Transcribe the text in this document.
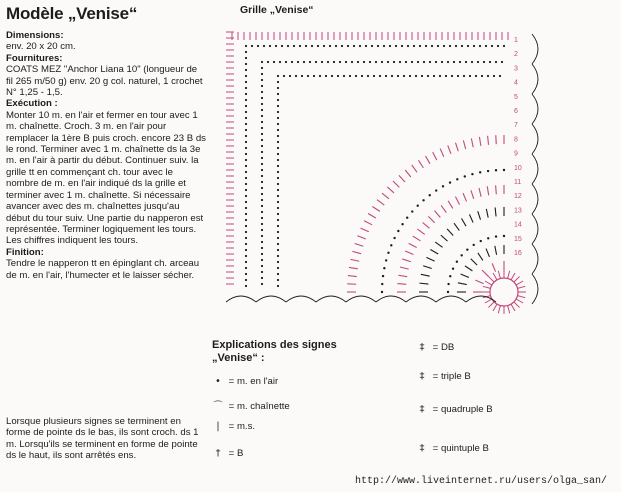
Modèle „Venise“
Dimensions:

env. 20 x 20 cm.

Fournitures:

COATS MEZ "Anchor Liana 10" (longueur de fil 265 m/50 g) env. 20 g col. naturel, 1 crochet N° 1,25 - 1,5.

Exécution :

Monter 10 m. en l'air et fermer en tour avec 1 m. chaînette. Croch. 3 m. en l'air pour remplacer la 1ère B puis croch. encore 23 B ds le rond. Terminer avec 1 m. chaînette ds la 3e m. en l'air à partir du début. Continuer suiv. la grille tt en commençant ch. tour avec le nombre de m. en l'air indiqué ds la grille et terminer avec 1 m. chaînette. Si nécessaire avancer avec des m. chaînettes jusqu'au début du tour suiv. Une partie du napperon est représentée. Terminer logiquement les tours. Les chiffres indiquent les tours.

Finition:

Tendre le napperon tt en épinglant ch. arceau de m. en l'air, l'humecter et le laisser sécher.

Lorsque plusieurs signes se terminent en forme de pointe ds le bas, ils sont croch. ds 1 m. Lorsqu'ils se terminent en forme de pointe ds le haut, ils sont arrêtés ens.
Grille „Venise“
1
2
3
4
5
6
7
8
9
10
11
12
13
14
15
16
Explications des signes
„Venise“ :
• = m. en l'air
⌒ = m. chaînette
| = m.s.
† = B
‡ = DB
‡ = triple B
‡ = quadruple B
‡ = quintuple B
http://www.liveinternet.ru/users/olga_san/
